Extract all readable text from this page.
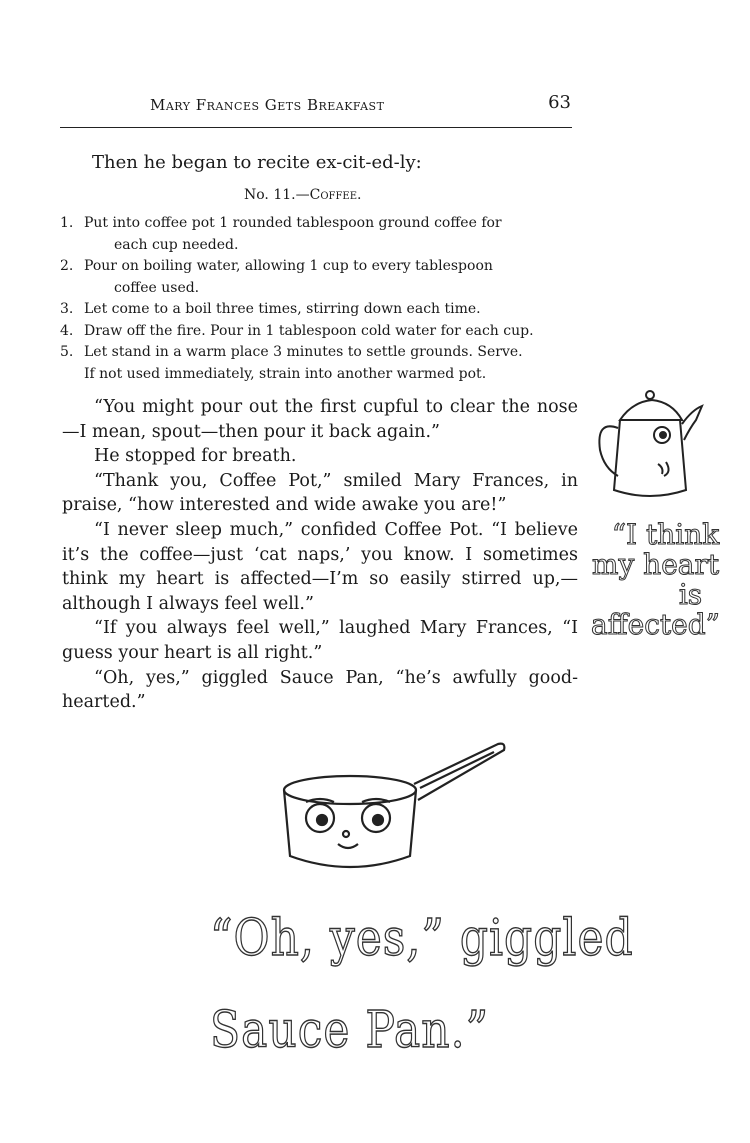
Mary Frances Gets Breakfast	63
Then he began to recite ex-cit-ed-ly:
No. 11.—Coffee.
1. Put into coffee pot 1 rounded tablespoon ground coffee for
each cup needed.
2. Pour on boiling water, allowing 1 cup to every tablespoon
coffee used.
3. Let come to a boil three times, stirring down each time.
4. Draw off the fire. Pour in 1 tablespoon cold water for each cup.
5. Let stand in a warm place 3 minutes to settle grounds. Serve.
If not used immediately, strain into another warmed pot.

“You might pour out the first cupful to clear the nose—I mean, spout—then pour it back again.”

He stopped for breath.

“Thank you, Coffee Pot,” smiled Mary Frances, in praise, “how interested and wide awake you are!”

“I never sleep much,” confided Coffee Pot. “I believe it’s the coffee—just ‘cat naps,’ you know. I sometimes think my heart is affected—I’m so easily stirred up,—although I always feel well.”

“If you always feel well,” laughed Mary Frances, “I guess your heart is all right.”

“Oh, yes,” giggled Sauce Pan, “he’s awfully good-hearted.”

“I think
my heart
is
affected”
“Oh, yes,” giggled Sauce Pan.”
